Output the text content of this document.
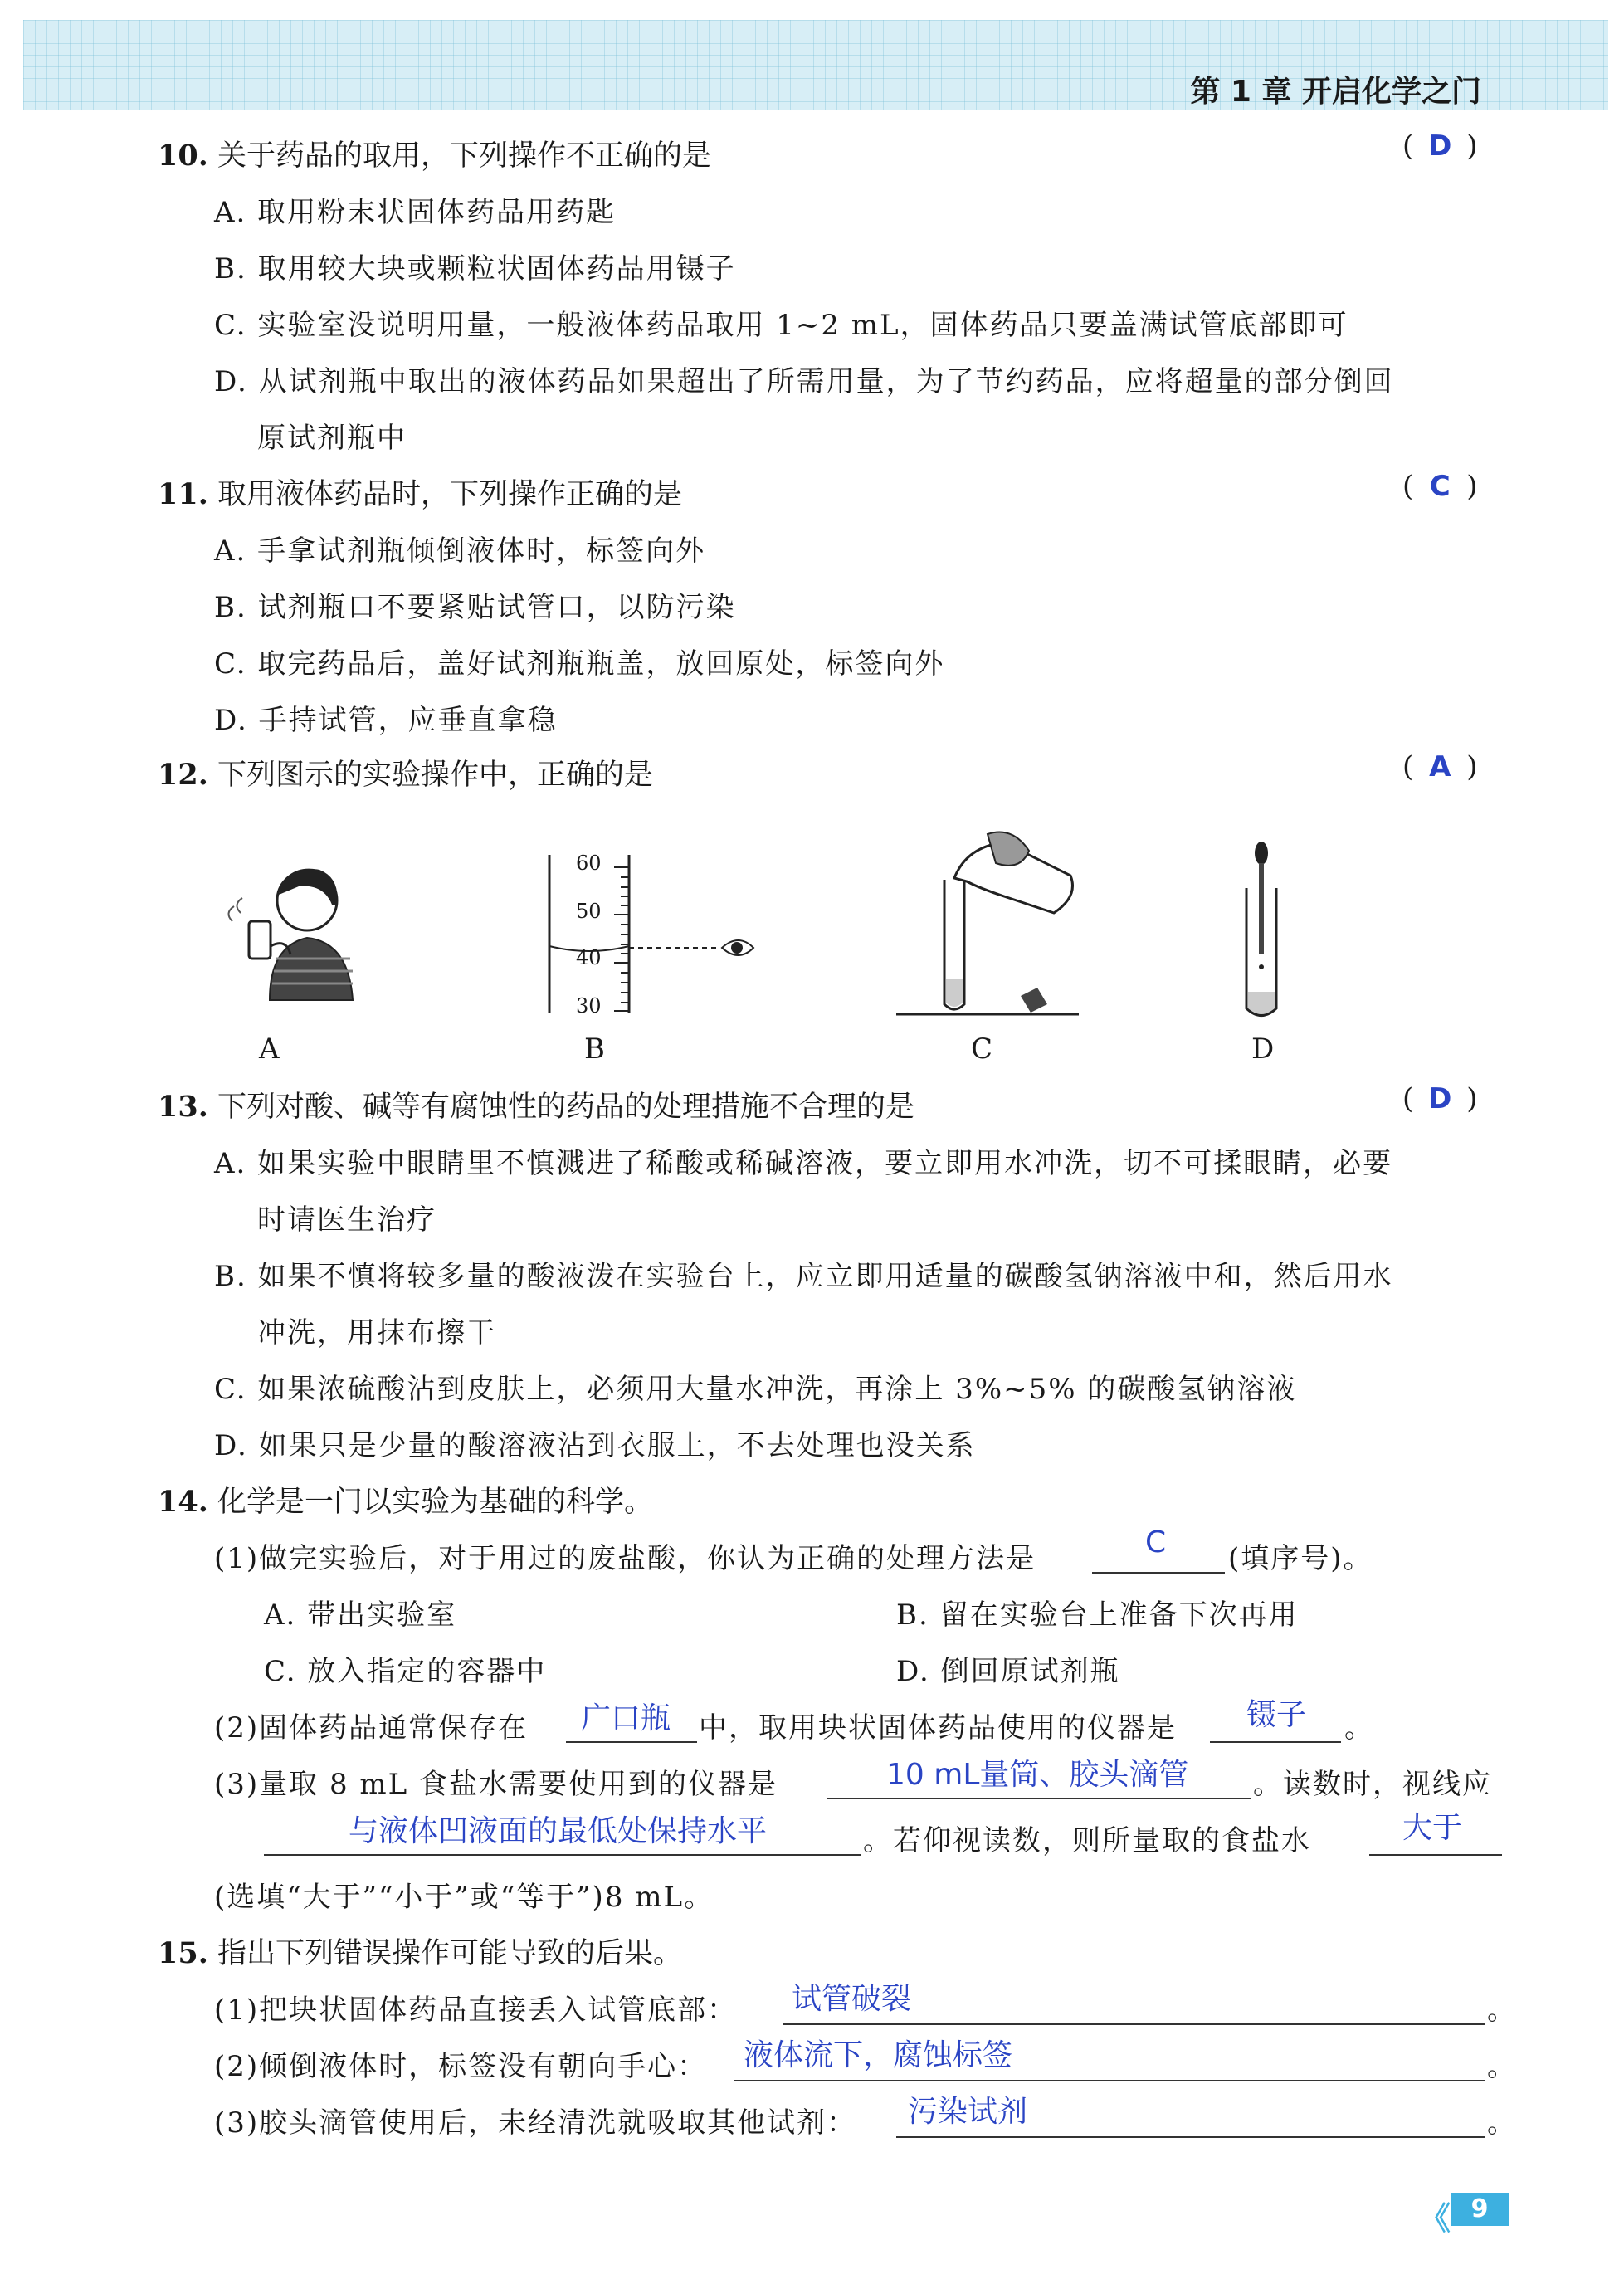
第 1 章 开启化学之门
10. 关于药品的取用，下列操作不正确的是	( D )
A. 取用粉末状固体药品用药匙
B. 取用较大块或颗粒状固体药品用镊子
C. 实验室没说明用量，一般液体药品取用 1~2 mL，固体药品只要盖满试管底部即可
D. 从试剂瓶中取出的液体药品如果超出了所需用量，为了节约药品，应将超量的部分倒回
原试剂瓶中
11. 取用液体药品时，下列操作正确的是	( C )
A. 手拿试剂瓶倾倒液体时，标签向外
B. 试剂瓶口不要紧贴试管口，以防污染
C. 取完药品后，盖好试剂瓶瓶盖，放回原处，标签向外
D. 手持试管，应垂直拿稳
12. 下列图示的实验操作中，正确的是	( A )
A
60
50
40
30
B	C	D
13. 下列对酸、碱等有腐蚀性的药品的处理措施不合理的是	( D )
A. 如果实验中眼睛里不慎溅进了稀酸或稀碱溶液，要立即用水冲洗，切不可揉眼睛，必要
时请医生治疗
B. 如果不慎将较多量的酸液泼在实验台上，应立即用适量的碳酸氢钠溶液中和，然后用水
冲洗，用抹布擦干
C. 如果浓硫酸沾到皮肤上，必须用大量水冲洗，再涂上 3%~5% 的碳酸氢钠溶液
D. 如果只是少量的酸溶液沾到衣服上，不去处理也没关系
14. 化学是一门以实验为基础的科学。
(1)做完实验后，对于用过的废盐酸，你认为正确的处理方法是	C (填序号)。
A. 带出实验室	B. 留在实验台上准备下次再用
C. 放入指定的容器中	D. 倒回原试剂瓶
(2)固体药品通常保存在 广口瓶 中，取用块状固体药品使用的仪器是 镊子 。
(3)量取 8 mL 食盐水需要使用到的仪器是	10 mL量筒、胶头滴管 。读数时，视线应
与液体凹液面的最低处保持水平	。若仰视读数，则所量取的食盐水	大于
(选填“大于”“小于”或“等于”)8 mL。
15. 指出下列错误操作可能导致的后果。
(1)把块状固体药品直接丢入试管底部： 试管破裂	。
(2)倾倒液体时，标签没有朝向手心： 液体流下，腐蚀标签	。
(3)胶头滴管使用后，未经清洗就吸取其他试剂： 污染试剂	。
《 9
